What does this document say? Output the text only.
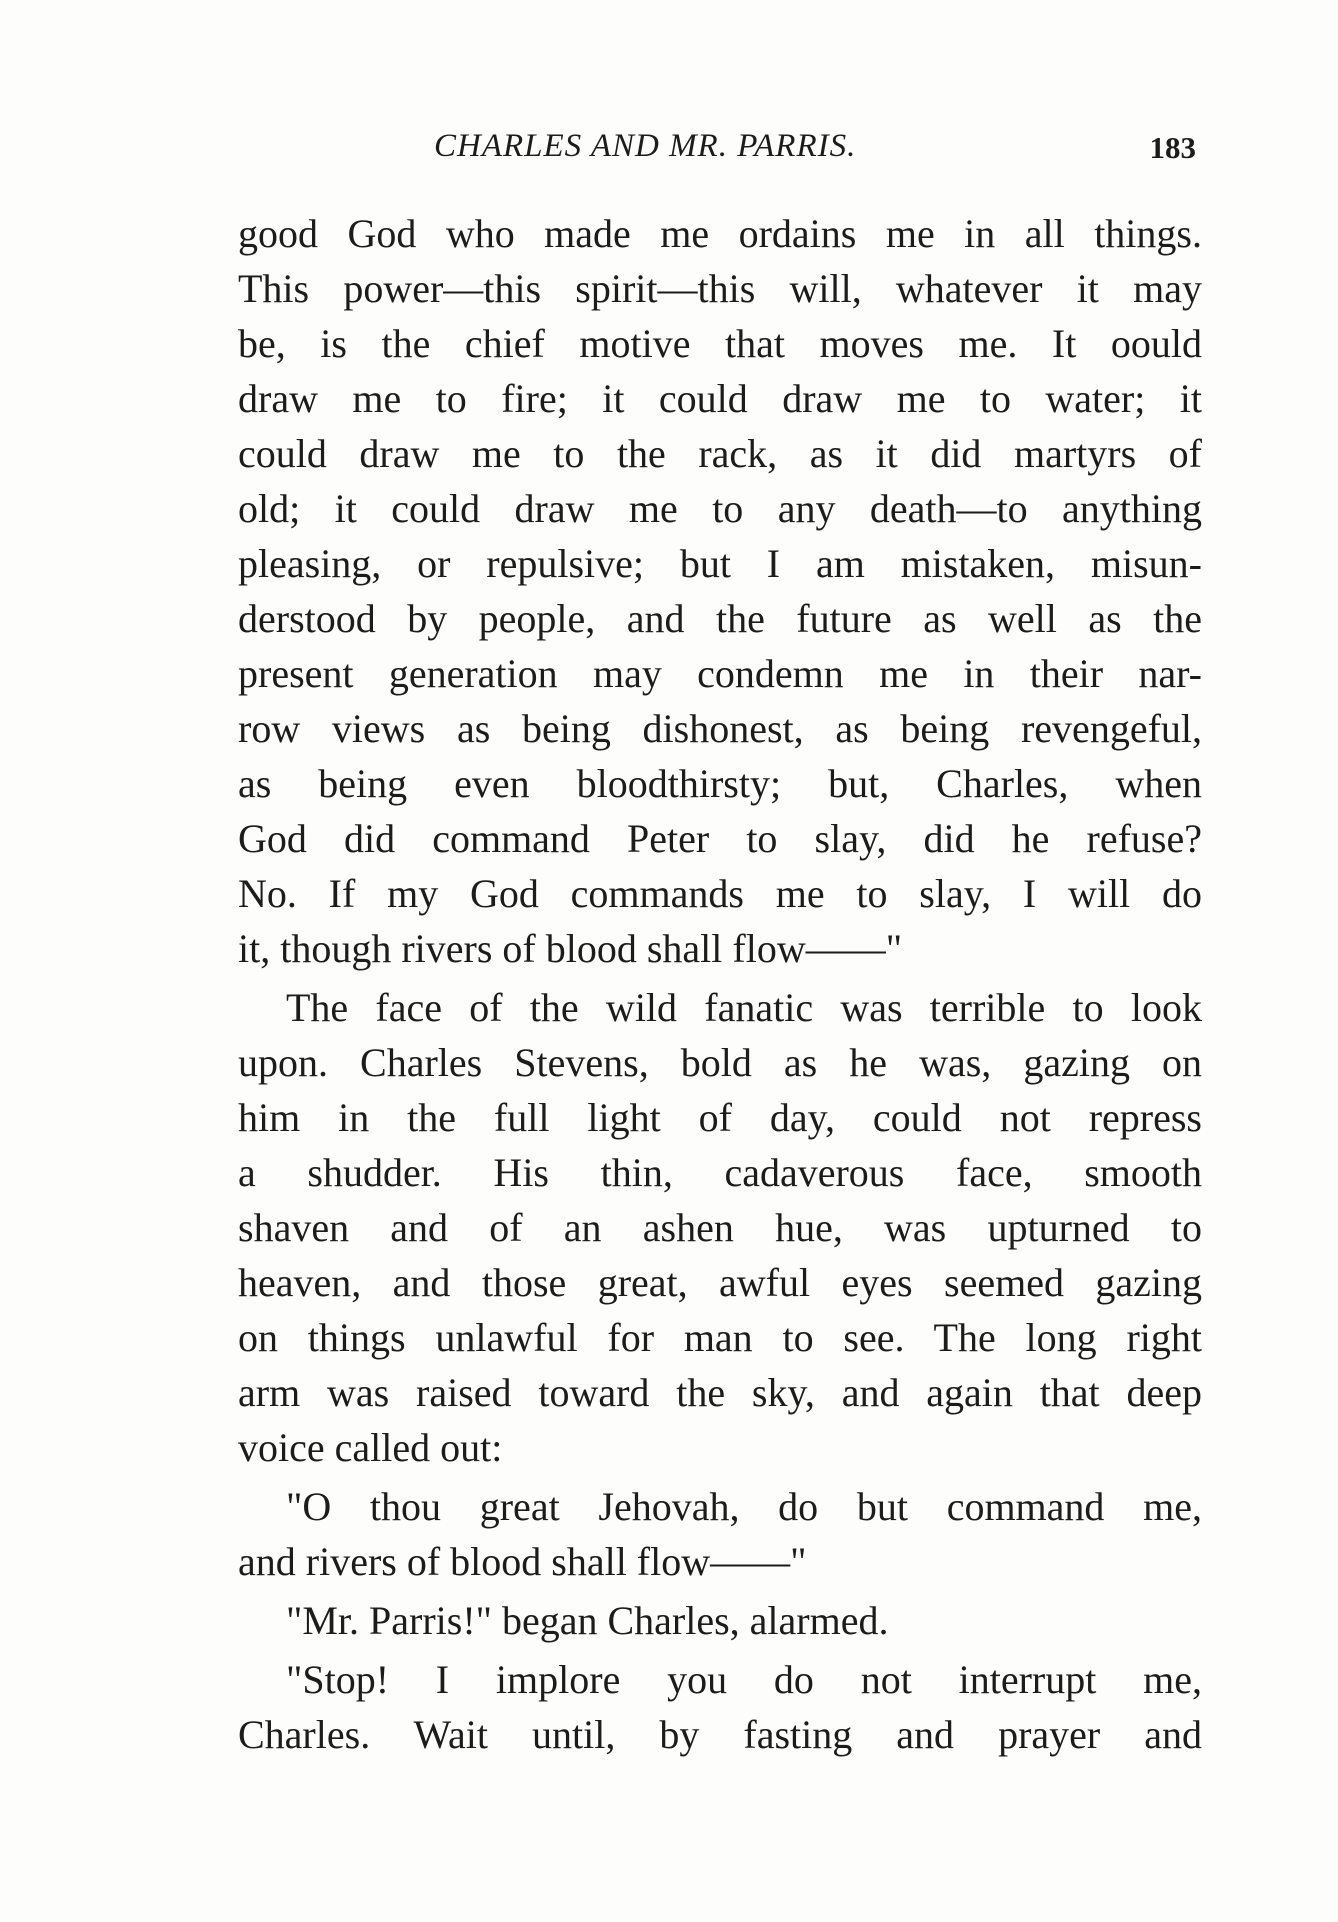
CHARLES AND MR. PARRIS.	183
good God who made me ordains me in all things.
This power—this spirit—this will, whatever it may
be, is the chief motive that moves me. It oould
draw me to fire; it could draw me to water; it
could draw me to the rack, as it did martyrs of
old; it could draw me to any death—to anything
pleasing, or repulsive; but I am mistaken, misun-
derstood by people, and the future as well as the
present generation may condemn me in their nar-
row views as being dishonest, as being revengeful,
as being even bloodthirsty; but, Charles, when
God did command Peter to slay, did he refuse?
No. If my God commands me to slay, I will do
it, though rivers of blood shall flow——"
The face of the wild fanatic was terrible to look
upon. Charles Stevens, bold as he was, gazing on
him in the full light of day, could not repress
a shudder. His thin, cadaverous face, smooth
shaven and of an ashen hue, was upturned to
heaven, and those great, awful eyes seemed gazing
on things unlawful for man to see. The long right
arm was raised toward the sky, and again that deep
voice called out:
"O thou great Jehovah, do but command me,
and rivers of blood shall flow——"
"Mr. Parris!" began Charles, alarmed.
"Stop! I implore you do not interrupt me,
Charles. Wait until, by fasting and prayer and
